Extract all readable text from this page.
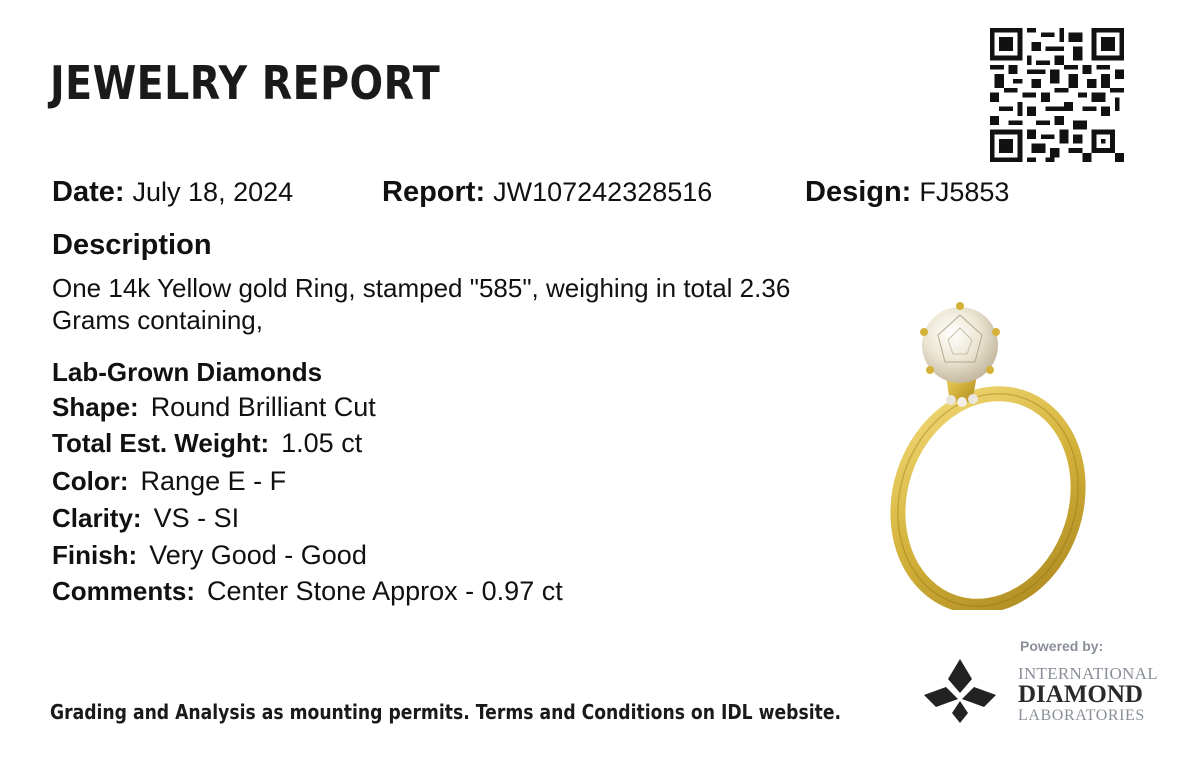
JEWELRY REPORT
Date: July 18, 2024	Report: JW107242328516	Design: FJ5853
Description
One 14k Yellow gold Ring, stamped "585", weighing in total 2.36 Grams containing,
Lab-Grown Diamonds
Shape: Round Brilliant Cut
Total Est. Weight: 1.05 ct
Color: Range E - F
Clarity: VS - SI
Finish: Very Good - Good
Comments: Center Stone Approx - 0.97 ct
Grading and Analysis as mounting permits. Terms and Conditions on IDL website.
Powered by:
INTERNATIONAL
DIAMOND
LABORATORIES
